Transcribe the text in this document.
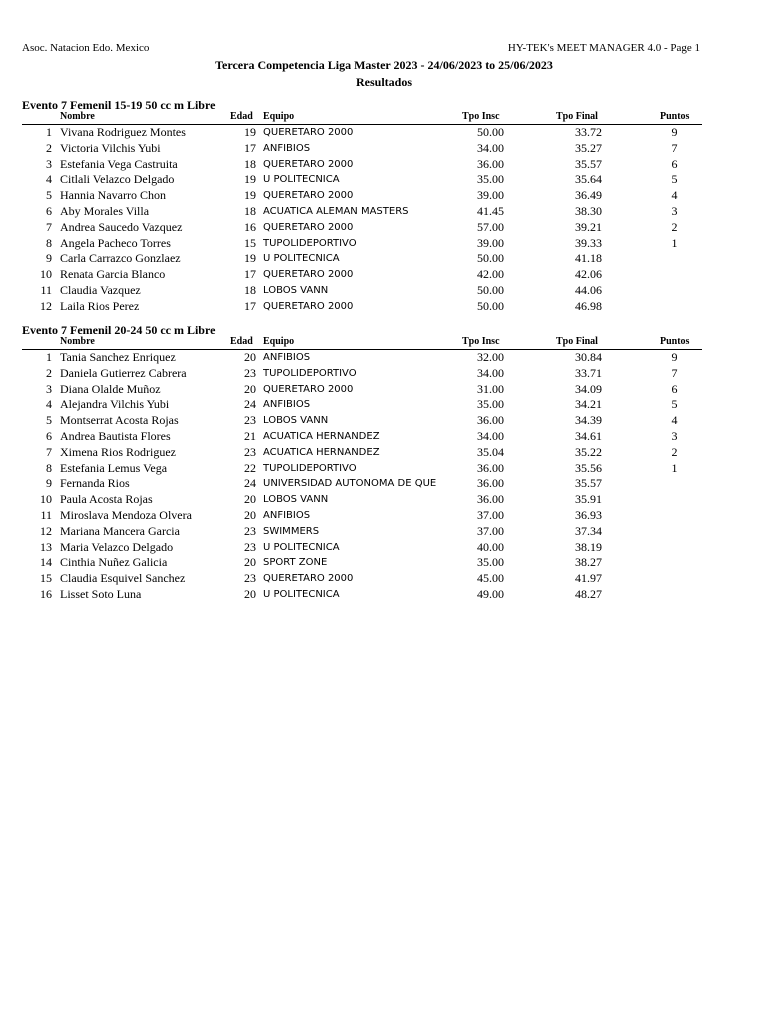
Asoc. Natacion Edo. Mexico	HY-TEK's MEET MANAGER 4.0 - Page 1
Tercera Competencia Liga Master 2023 - 24/06/2023 to 25/06/2023
Resultados
Evento 7 Femenil 15-19 50 cc m Libre
Nombre	Edad Equipo	Tpo Insc	Tpo Final	Puntos
1 Vivana Rodriguez Montes	19 QUERETARO 2000	50.00	33.72	9
2 Victoria Vilchis Yubi	17 ANFIBIOS	34.00	35.27	7
3 Estefania Vega Castruita	18 QUERETARO 2000	36.00	35.57	6
4 Citlali Velazco Delgado	19 U POLITECNICA	35.00	35.64	5
5 Hannia Navarro Chon	19 QUERETARO 2000	39.00	36.49	4
6 Aby Morales Villa	18 ACUATICA ALEMAN MASTERS	41.45	38.30	3
7 Andrea Saucedo Vazquez	16 QUERETARO 2000	57.00	39.21	2
8 Angela Pacheco Torres	15 TUPOLIDEPORTIVO	39.00	39.33	1
9 Carla Carrazco Gonzlaez	19 U POLITECNICA	50.00	41.18
10 Renata Garcia Blanco	17 QUERETARO 2000	42.00	42.06
11 Claudia Vazquez	18 LOBOS VANN	50.00	44.06
12 Laila Rios Perez	17 QUERETARO 2000	50.00	46.98
Evento 7 Femenil 20-24 50 cc m Libre
Nombre	Edad Equipo	Tpo Insc	Tpo Final	Puntos
1 Tania Sanchez Enriquez	20 ANFIBIOS	32.00	30.84	9
2 Daniela Gutierrez Cabrera	23 TUPOLIDEPORTIVO	34.00	33.71	7
3 Diana Olalde Muñoz	20 QUERETARO 2000	31.00	34.09	6
4 Alejandra Vilchis Yubi	24 ANFIBIOS	35.00	34.21	5
5 Montserrat Acosta Rojas	23 LOBOS VANN	36.00	34.39	4
6 Andrea Bautista Flores	21 ACUATICA HERNANDEZ	34.00	34.61	3
7 Ximena Rios Rodriguez	23 ACUATICA HERNANDEZ	35.04	35.22	2
8 Estefania Lemus Vega	22 TUPOLIDEPORTIVO	36.00	35.56	1
9 Fernanda Rios	24 UNIVERSIDAD AUTONOMA DE QUE	36.00	35.57
10 Paula Acosta Rojas	20 LOBOS VANN	36.00	35.91
11 Miroslava Mendoza Olvera	20 ANFIBIOS	37.00	36.93
12 Mariana Mancera Garcia	23 SWIMMERS	37.00	37.34
13 Maria Velazco Delgado	23 U POLITECNICA	40.00	38.19
14 Cinthia Nuñez Galicia	20 SPORT ZONE	35.00	38.27
15 Claudia Esquivel Sanchez	23 QUERETARO 2000	45.00	41.97
16 Lisset Soto Luna	20 U POLITECNICA	49.00	48.27
